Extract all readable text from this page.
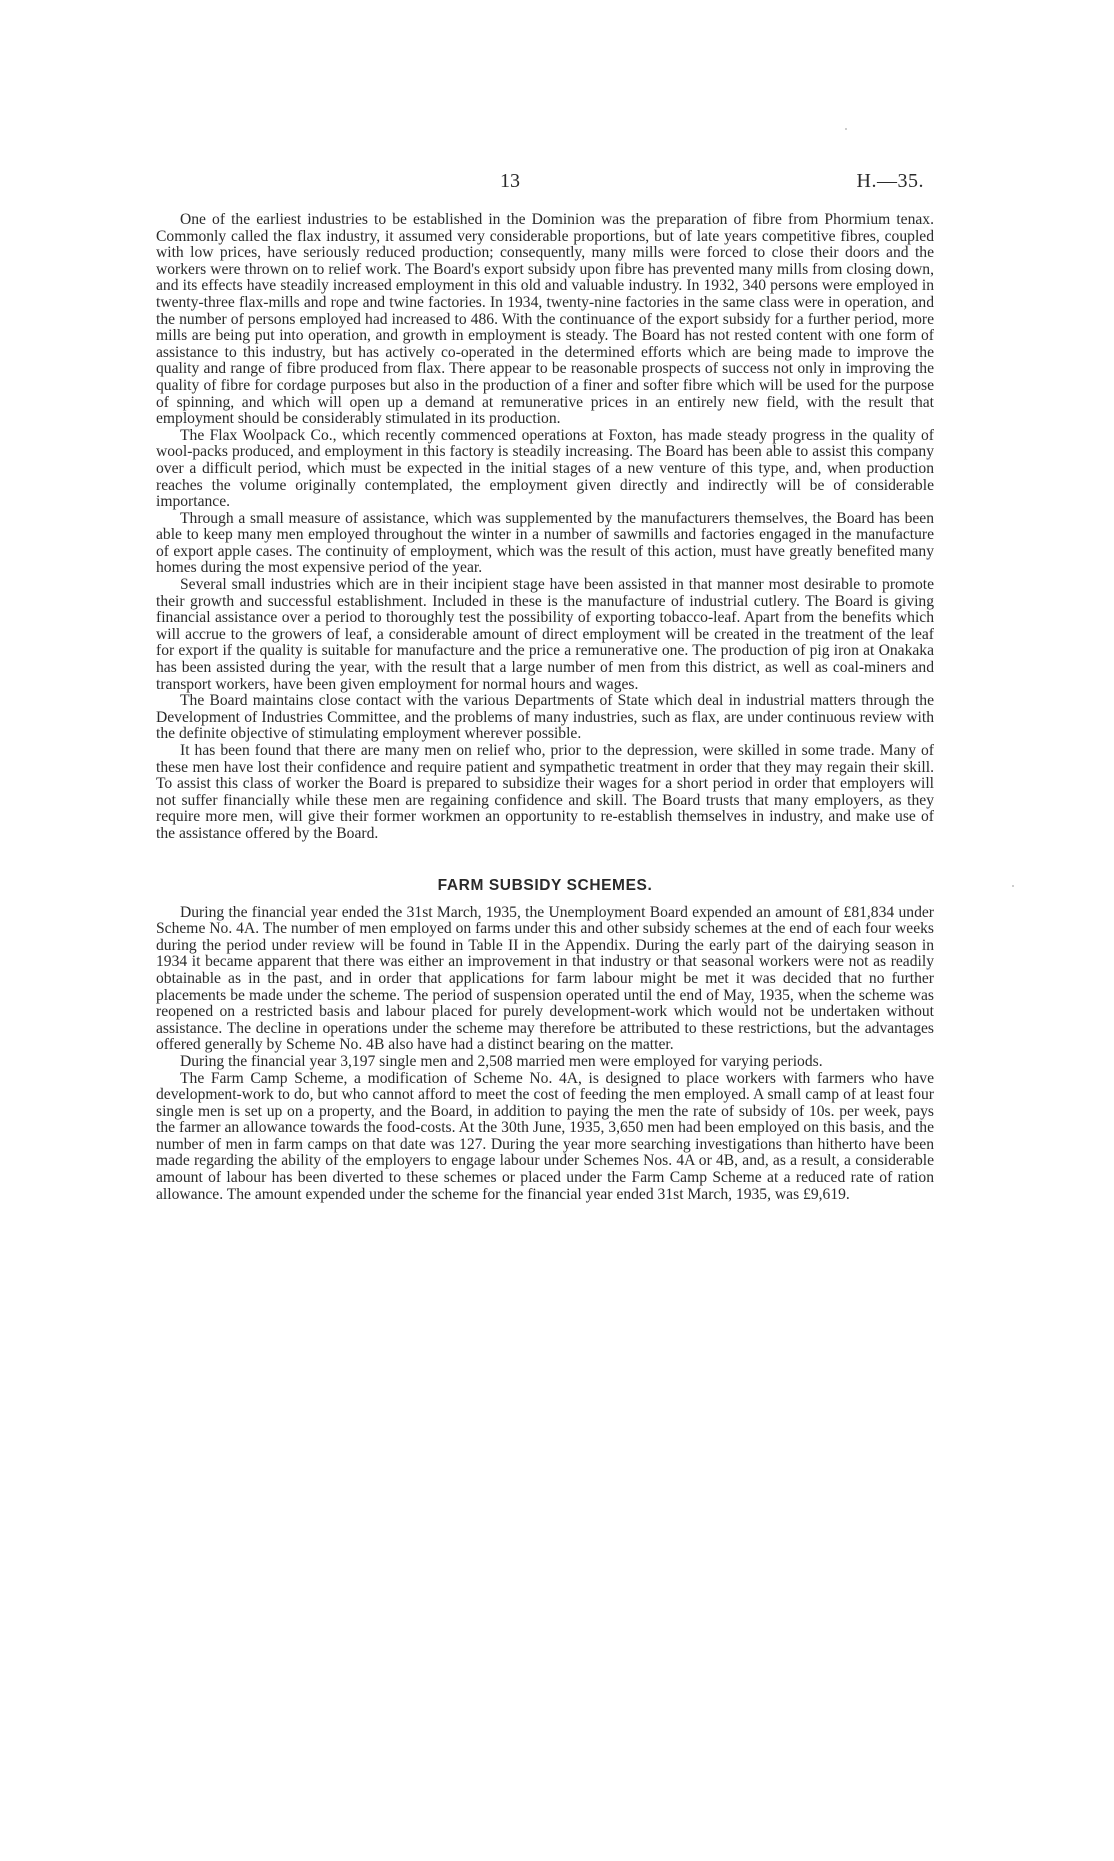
13	H.—35.

One of the earliest industries to be established in the Dominion was the preparation of fibre from Phormium tenax. Commonly called the flax industry, it assumed very considerable proportions, but of late years competitive fibres, coupled with low prices, have seriously reduced production; consequently, many mills were forced to close their doors and the workers were thrown on to relief work. The Board's export subsidy upon fibre has prevented many mills from closing down, and its effects have steadily increased employment in this old and valuable industry. In 1932, 340 persons were employed in twenty-three flax-mills and rope and twine factories. In 1934, twenty-nine factories in the same class were in operation, and the number of persons employed had increased to 486. With the continuance of the export subsidy for a further period, more mills are being put into operation, and growth in employment is steady. The Board has not rested content with one form of assistance to this industry, but has actively co-operated in the determined efforts which are being made to improve the quality and range of fibre produced from flax. There appear to be reasonable prospects of success not only in improving the quality of fibre for cordage purposes but also in the production of a finer and softer fibre which will be used for the purpose of spinning, and which will open up a demand at remunerative prices in an entirely new field, with the result that employment should be considerably stimulated in its production.

The Flax Woolpack Co., which recently commenced operations at Foxton, has made steady progress in the quality of wool-packs produced, and employment in this factory is steadily increasing. The Board has been able to assist this company over a difficult period, which must be expected in the initial stages of a new venture of this type, and, when production reaches the volume originally contemplated, the employment given directly and indirectly will be of considerable importance.

Through a small measure of assistance, which was supplemented by the manufacturers themselves, the Board has been able to keep many men employed throughout the winter in a number of sawmills and factories engaged in the manufacture of export apple cases. The continuity of employment, which was the result of this action, must have greatly benefited many homes during the most expensive period of the year.

Several small industries which are in their incipient stage have been assisted in that manner most desirable to promote their growth and successful establishment. Included in these is the manufacture of industrial cutlery. The Board is giving financial assistance over a period to thoroughly test the possibility of exporting tobacco-leaf. Apart from the benefits which will accrue to the growers of leaf, a considerable amount of direct employment will be created in the treatment of the leaf for export if the quality is suitable for manufacture and the price a remunerative one. The production of pig iron at Onakaka has been assisted during the year, with the result that a large number of men from this district, as well as coal-miners and transport workers, have been given employment for normal hours and wages.

The Board maintains close contact with the various Departments of State which deal in industrial matters through the Development of Industries Committee, and the problems of many industries, such as flax, are under continuous review with the definite objective of stimulating employment wherever possible.

It has been found that there are many men on relief who, prior to the depression, were skilled in some trade. Many of these men have lost their confidence and require patient and sympathetic treatment in order that they may regain their skill. To assist this class of worker the Board is prepared to subsidize their wages for a short period in order that employers will not suffer financially while these men are regaining confidence and skill. The Board trusts that many employers, as they require more men, will give their former workmen an opportunity to re-establish themselves in industry, and make use of the assistance offered by the Board.

FARM SUBSIDY SCHEMES.

During the financial year ended the 31st March, 1935, the Unemployment Board expended an amount of £81,834 under Scheme No. 4A. The number of men employed on farms under this and other subsidy schemes at the end of each four weeks during the period under review will be found in Table II in the Appendix. During the early part of the dairying season in 1934 it became apparent that there was either an improvement in that industry or that seasonal workers were not as readily obtainable as in the past, and in order that applications for farm labour might be met it was decided that no further placements be made under the scheme. The period of suspension operated until the end of May, 1935, when the scheme was reopened on a restricted basis and labour placed for purely development-work which would not be undertaken without assistance. The decline in operations under the scheme may therefore be attributed to these restrictions, but the advantages offered generally by Scheme No. 4B also have had a distinct bearing on the matter.

During the financial year 3,197 single men and 2,508 married men were employed for varying periods.

The Farm Camp Scheme, a modification of Scheme No. 4A, is designed to place workers with farmers who have development-work to do, but who cannot afford to meet the cost of feeding the men employed. A small camp of at least four single men is set up on a property, and the Board, in addition to paying the men the rate of subsidy of 10s. per week, pays the farmer an allowance towards the food-costs. At the 30th June, 1935, 3,650 men had been employed on this basis, and the number of men in farm camps on that date was 127. During the year more searching investigations than hitherto have been made regarding the ability of the employers to engage labour under Schemes Nos. 4A or 4B, and, as a result, a considerable amount of labour has been diverted to these schemes or placed under the Farm Camp Scheme at a reduced rate of ration allowance. The amount expended under the scheme for the financial year ended 31st March, 1935, was £9,619.
